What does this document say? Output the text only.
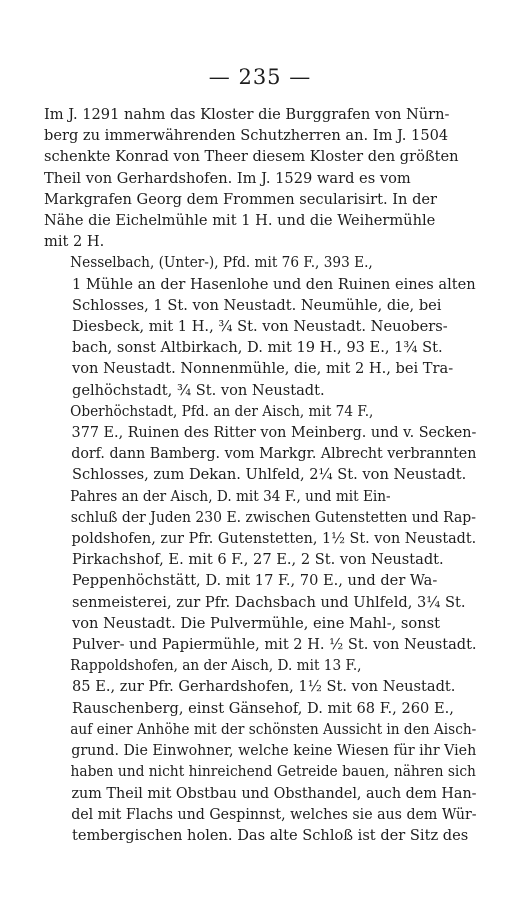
— 235 —

Im J. 1291 nahm das Kloster die Burggrafen von Nürn-
berg zu immerwährenden Schutzherren an. Im J. 1504
schenkte Konrad von Theer diesem Kloster den größten
Theil von Gerhardshofen. Im J. 1529 ward es vom
Markgrafen Georg dem Frommen secularisirt. In der
Nähe die Eichelmühle mit 1 H. und die Weihermühle
mit 2 H.

Nesselbach, (Unter-), Pfd. mit 76 F., 393 E.,
1 Mühle an der Hasenlohe und den Ruinen eines alten
Schlosses, 1 St. von Neustadt. Neumühle, die, bei
Diesbeck, mit 1 H., ¾ St. von Neustadt. Neuobers-
bach, sonst Altbirkach, D. mit 19 H., 93 E., 1¾ St.
von Neustadt. Nonnenmühle, die, mit 2 H., bei Tra-
gelhöchstadt, ¾ St. von Neustadt.

Oberhöchstadt, Pfd. an der Aisch, mit 74 F.,
377 E., Ruinen des Ritter von Meinberg. und v. Secken-
dorf. dann Bamberg. vom Markgr. Albrecht verbrannten
Schlosses, zum Dekan. Uhlfeld, 2¼ St. von Neustadt.

Pahres an der Aisch, D. mit 34 F., und mit Ein-
schluß der Juden 230 E. zwischen Gutenstetten und Rap-
poldshofen, zur Pfr. Gutenstetten, 1½ St. von Neustadt.
Pirkachshof, E. mit 6 F., 27 E., 2 St. von Neustadt.
Peppenhöchstätt, D. mit 17 F., 70 E., und der Wa-
senmeisterei, zur Pfr. Dachsbach und Uhlfeld, 3¼ St.
von Neustadt. Die Pulvermühle, eine Mahl-, sonst
Pulver- und Papiermühle, mit 2 H. ½ St. von Neustadt.

Rappoldshofen, an der Aisch, D. mit 13 F.,
85 E., zur Pfr. Gerhardshofen, 1½ St. von Neustadt.
Rauschenberg, einst Gänsehof, D. mit 68 F., 260 E.,
auf einer Anhöhe mit der schönsten Aussicht in den Aisch-
grund. Die Einwohner, welche keine Wiesen für ihr Vieh
haben und nicht hinreichend Getreide bauen, nähren sich
zum Theil mit Obstbau und Obsthandel, auch dem Han-
del mit Flachs und Gespinnst, welches sie aus dem Wür-
tembergischen holen. Das alte Schloß ist der Sitz des
